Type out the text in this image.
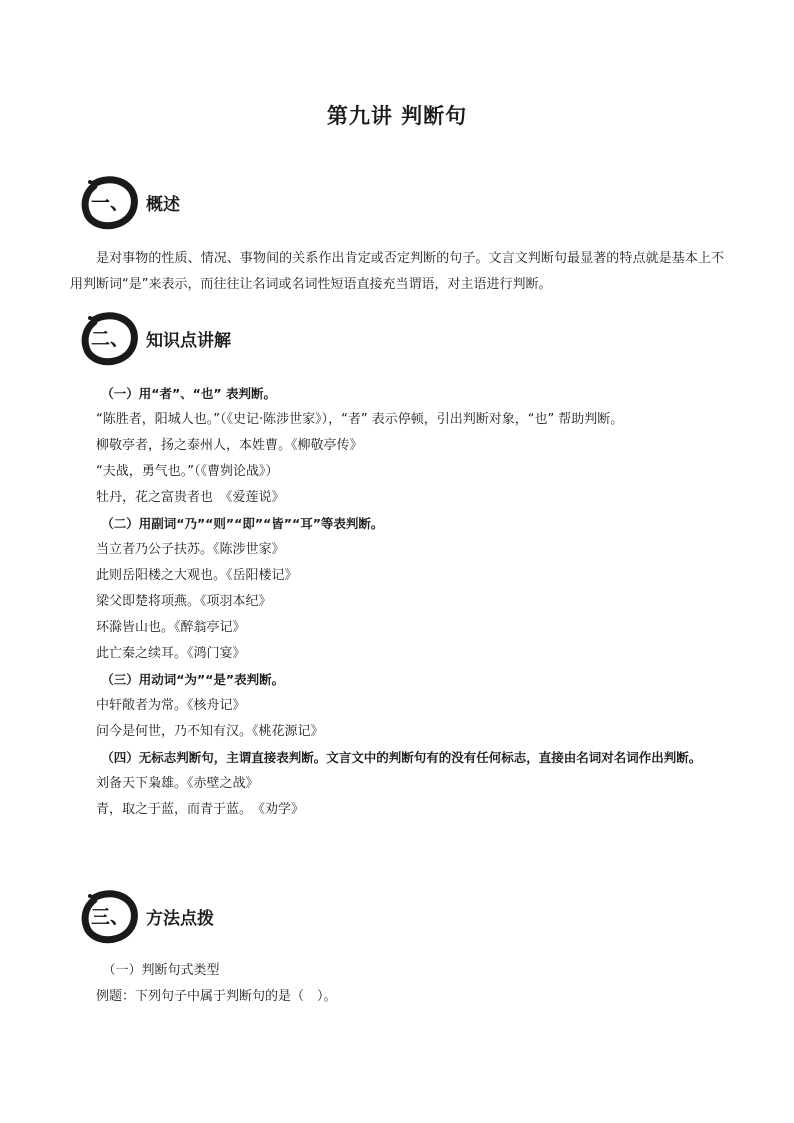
第九讲 判断句
一、 概述

是对事物的性质、情况、事物间的关系作出肯定或否定判断的句子。文言文判断句最显著的特点就是基本上不用判断词“是”来表示，而往往让名词或名词性短语直接充当谓语，对主语进行判断。

二、 知识点讲解
（一）用“者”、“也” 表判断。

“陈胜者，阳城人也。”（《史记·陈涉世家》），“者” 表示停顿，引出判断对象，“也” 帮助判断。

柳敬亭者，扬之泰州人，本姓曹。《柳敬亭传》
“夫战，勇气也。”（《曹刿论战》）
牡丹，花之富贵者也　《爱莲说》
（二）用副词“乃”“则”“即”“皆”“耳”等表判断。
当立者乃公子扶苏。《陈涉世家》
此则岳阳楼之大观也。《岳阳楼记》
梁父即楚将项燕。《项羽本纪》
环滁皆山也。《醉翁亭记》
此亡秦之续耳。《鸿门宴》
（三）用动词“为”“是”表判断。
中轩敞者为常。《核舟记》
问今是何世，乃不知有汉。《桃花源记》

（四）无标志判断句，主谓直接表判断。文言文中的判断句有的没有任何标志，直接由名词对名词作出判断。

刘备天下枭雄。《赤壁之战》
青，取之于蓝，而青于蓝。　《劝学》
三、 方法点拨
（一）判断句式类型
例题：下列句子中属于判断句的是（　）。
